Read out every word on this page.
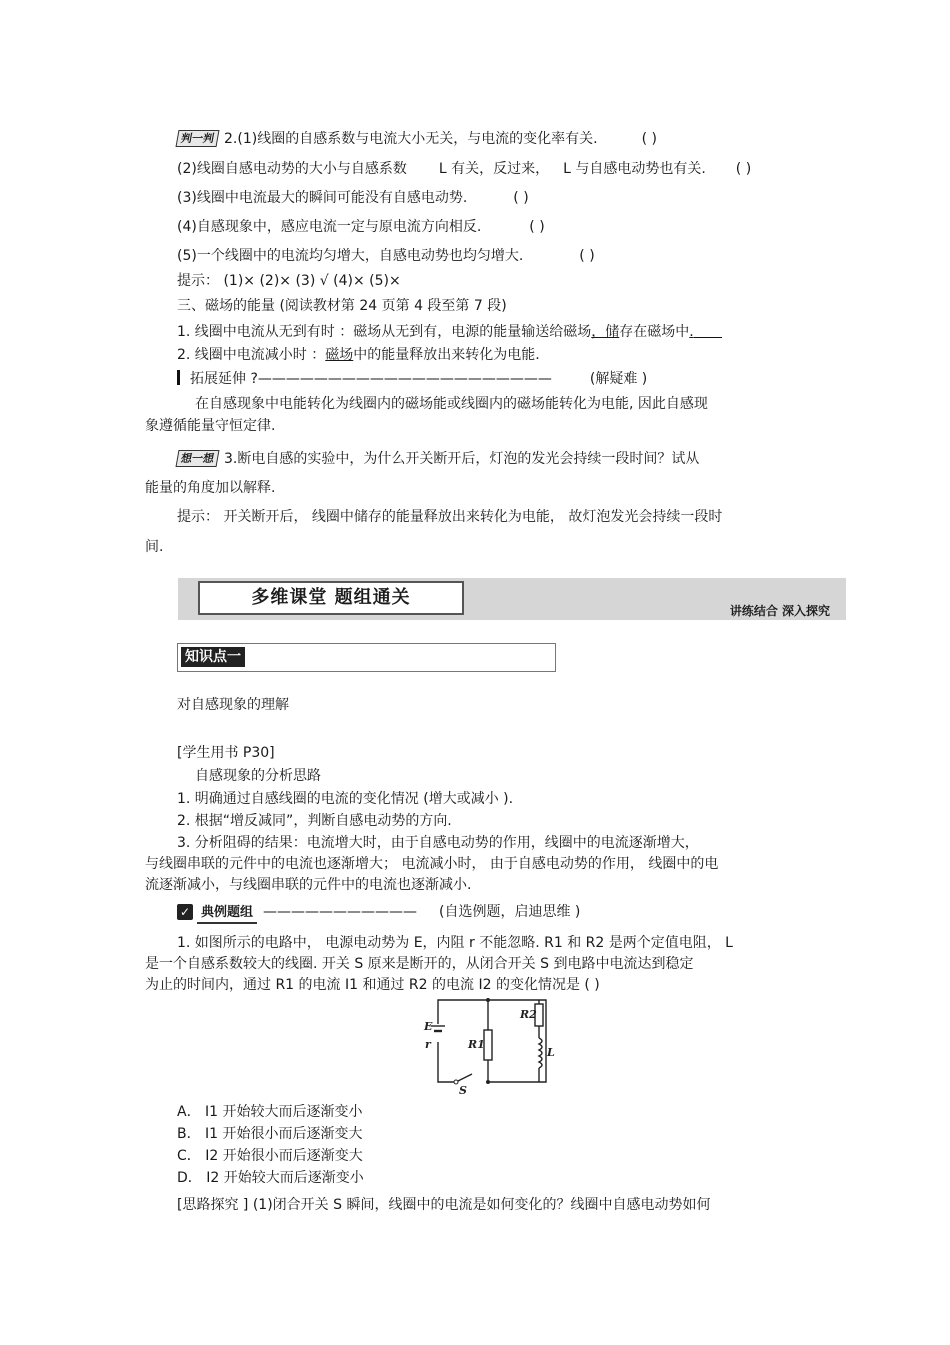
判一判 2.(1)线圈的自感系数与电流大小无关，与电流的变化率有关.	( )
(2)线圈自感电动势的大小与自感系数 L 有关，反过来， L 与自感电动势也有关. ( )
(3)线圈中电流最大的瞬间可能没有自感电动势.	( )
(4)自感现象中，感应电流一定与原电流方向相反.	( )
(5)一个线圈中的电流均匀增大，自感电动势也均匀增大.	( )
提示： (1)× (2)× (3) √ (4)× (5)×
三、磁场的能量 (阅读教材第 24 页第 4 段至第 7 段)
1. 线圈中电流从无到有时 ：磁场从无到有，电源的能量输送给磁场，储存在磁场中.
2. 线圈中电流减小时 ：磁场中的能量释放出来转化为电能.
拓展延伸 ?—————————————————————	(解疑难 )
在自感现象中电能转化为线圈内的磁场能或线圈内的磁场能转化为电能, 因此自感现
象遵循能量守恒定律.
想一想 3.断电自感的实验中，为什么开关断开后，灯泡的发光会持续一段时间？试从
能量的角度加以解释.
提示： 开关断开后， 线圈中储存的能量释放出来转化为电能， 故灯泡发光会持续一段时
间.
多维课堂 题组通关
讲练结合 深入探究
知识点一
对自感现象的理解
[学生用书 P30]
自感现象的分析思路
1. 明确通过自感线圈的电流的变化情况 (增大或减小 ).
2. 根据“增反减同”，判断自感电动势的方向.
3. 分析阻碍的结果：电流增大时，由于自感电动势的作用，线圈中的电流逐渐增大，
与线圈串联的元件中的电流也逐渐增大； 电流减小时， 由于自感电动势的作用， 线圈中的电
流逐渐减小，与线圈串联的元件中的电流也逐渐减小.
✓ 典例题组 ——————————— (自选例题，启迪思维 )
1. 如图所示的电路中， 电源电动势为 E，内阻 r 不能忽略. R1 和 R2 是两个定值电阻， L
是一个自感系数较大的线圈. 开关 S 原来是断开的，从闭合开关 S 到电路中电流达到稳定
为止的时间内，通过 R1 的电流 I1 和通过 R2 的电流 I2 的变化情况是 ( )
E
r	R1
R2
L
S
A． I1 开始较大而后逐渐变小
B． I1 开始很小而后逐渐变大
C． I2 开始很小而后逐渐变大
D． I2 开始较大而后逐渐变小
[思路探究 ] (1)闭合开关 S 瞬间，线圈中的电流是如何变化的？线圈中自感电动势如何
